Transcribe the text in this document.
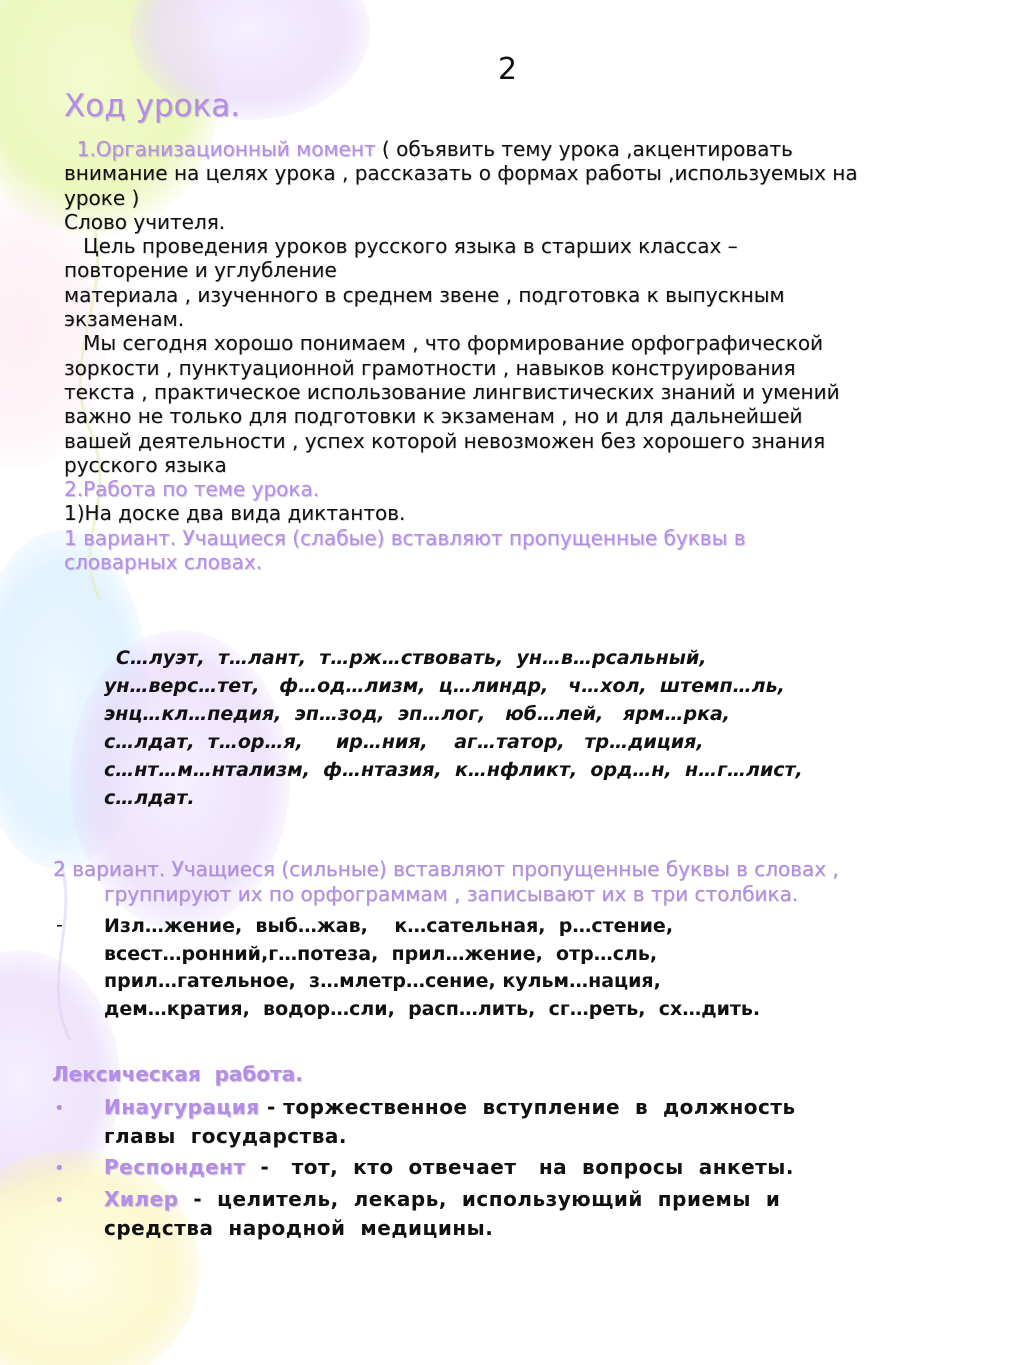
2
Ход урока.
1.Организационный момент ( объявить тему урока ,акцентировать
внимание на целях урока , рассказать о формах работы ,используемых на
уроке )
Слово учителя.
Цель проведения уроков русского языка в старших классах –
повторение и углубление
материала , изученного в среднем звене , подготовка к выпускным
экзаменам.
Мы сегодня хорошо понимаем , что формирование орфографической
зоркости , пунктуационной грамотности , навыков конструирования
текста , практическое использование лингвистических знаний и умений
важно не только для подготовки к экзаменам , но и для дальнейшей
вашей деятельности , успех которой невозможен без хорошего знания
русского языка
2.Работа по теме урока.
1)На доске два вида диктантов.
1 вариант. Учащиеся (слабые) вставляют пропущенные буквы в
словарных словах.
С…луэт,  т…лант,  т…рж…ствовать,  ун…в…рсальный,
ун…верс…тет,   ф…од…лизм,  ц…линдр,   ч…хол,  штемп…ль,
энц…кл…педия,  эп…зод,  эп…лог,   юб…лей,   ярм…рка,
с…лдат,  т…ор…я,     ир…ния,    аг…татор,   тр…диция,
с…нт…м…нтализм,  ф…нтазия,  к…нфликт,  орд…н,  н…г…лист,
с…лдат.
2 вариант. Учащиеся (сильные) вставляют пропущенные буквы в словах ,
группируют их по орфограммам , записывают их в три столбика.
- Изл…жение,  выб…жав,    к…сательная,  р…стение,
всест…ронний,г…потеза,  прил…жение,  отр…сль,
прил…гательное,  з…млетр…сение, кульм…нация,
дем…кратия,  водор…сли,  расп…лить,  сг…реть,  сх…дить.
Лексическая  работа.
• Инаугурация - торжественное  вступление  в  должность
главы  государства.
• Респондент  -   тот,  кто  отвечает   на  вопросы  анкеты.
• Хилер  -  целитель,  лекарь,  использующий  приемы  и
средства  народной  медицины.
